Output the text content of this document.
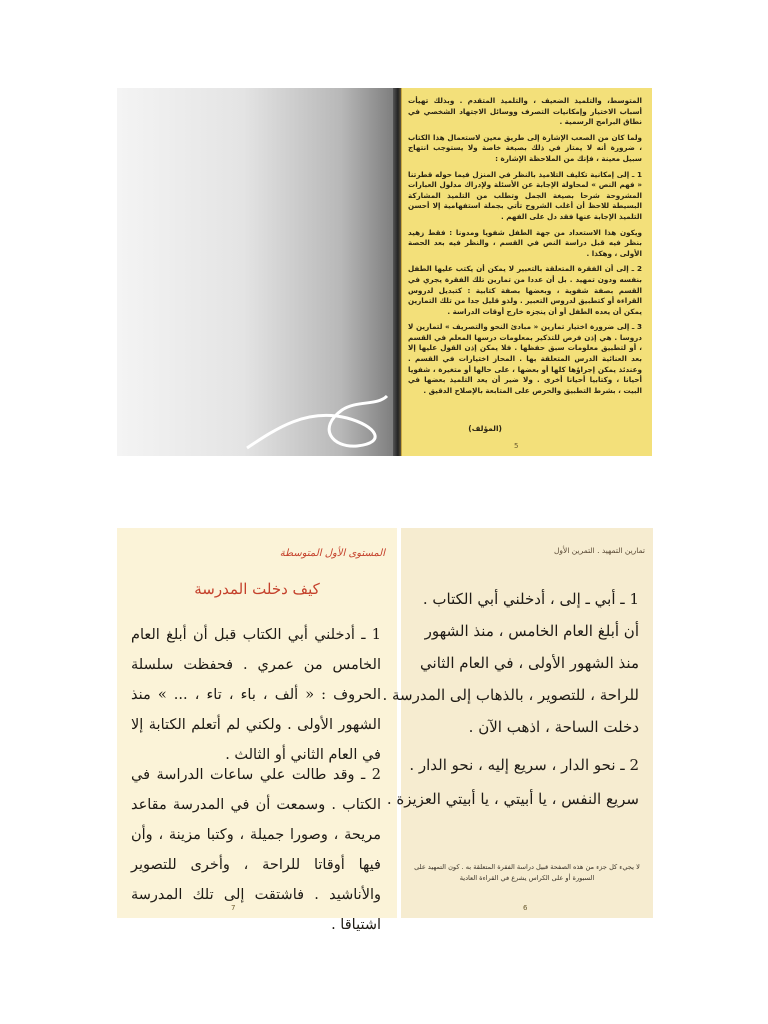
المتوسط، والتلميذ الضعيف ، والتلميذ المتقدم . وبذلك تهيأت أسباب الاختيار وإمكانيات التصرف ووسائل الاجتهاد الشخصي في نطاق البرامج الرسمية .

ولما كان من الصعب الإشارة إلى طريق معين لاستعمال هذا الكتاب ، ضرورة أنه لا يمتاز في ذلك بصبغة خاصة ولا يستوجب انتهاج سبيل معينة ، فإنك من الملاحظة الإشارة :

1 ـ إلى إمكانية تكليف التلاميذ بالنظر في المنزل فيما حوله قطرتنا « فهم النص » لمحاولة الإجابة عن الأسئلة ولإدراك مدلول العبارات المشروحة شرحا بصيغة الجمل وتطلب من التلميذ المشاركة البسيطة للاحظ أن أغلب الشروح تأتي بجملة استفهامية إلا أحسن التلميذ الإجابة عنها فقد دل على الفهم .

ويكون هذا الاستعداد من جهة الطفل شفويا ومدونا : فقط زهيد بنظر فيه قبل دراسة النص في القسم ، والنظر فيه بعد الحصة الأولى ، وهكذا .

2 ـ إلى أن الفقرة المتعلقة بالتعبير لا يمكن أن يكتب عليها الطفل بنفسه ودون تمهيد . بل أن عددا من تمارين تلك الفقرة يجري في القسم بصفة شفوية ، وبعضها بصفة كتابية : كتبديل لدروس القراءة أو كتطبيق لدروس التعبير . ولذو قليل جدا من تلك التمارين يمكن أن يعده الطفل أو أن ينجزه خارج أوقات الدراسة .

3 ـ إلى ضرورة اختيار تمارين « مبادئ النحو والتصريف » لتمارين لا دروسا . هي إذن فرص للتذكير بمعلومات درسها المعلم في القسم ، أو لتطبيق معلومات سبق حفظها . فلا يمكن إذن القول عليها إلا بعد العنائية الدرس المتعلقة بها . المحاز اختيارات في القسم . وعندئذ يمكن إجراؤها كلها أو بعضها ، على حالها أو متغيرة ، شفويا أحيانا ، وكتابيا أحيانا أخرى . ولا ضير أن يعد التلميذ بعضها في البيت ، بشرط التطبيق والحرص على المتابعة بالإصلاح الدقيق .

(المؤلف)
5
المستوى الأول المتوسطة
كيف دخلت المدرسة
1 ـ أدخلني أبي الكتاب قبل أن أبلغ العام الخامس من عمري . فحفظت سلسلة الحروف : « ألف ، باء ، تاء ، ... » منذ الشهور الأولى . ولكني لم أتعلم الكتابة إلا في العام الثاني أو الثالث .
2 ـ وقد طالت علي ساعات الدراسة في الكتاب . وسمعت أن في المدرسة مقاعد مريحة ، وصورا جميلة ، وكتبا مزينة ، وأن فيها أوقاتا للراحة ، وأخرى للتصوير والأناشيد . فاشتقت إلى تلك المدرسة اشتياقا .
7
تمارين التمهيد . التمرين الأول
1 ـ أبي ـ إلى ، أدخلني أبي الكتاب .
أن أبلغ العام الخامس ، منذ الشهور
منذ الشهور الأولى ، في العام الثاني
للراحة ، للتصوير ، بالذهاب إلى المدرسة .
دخلت الساحة ، اذهب الآن .
2 ـ نحو الدار ، سريع إليه ، نحو الدار .
سريع النفس ، يا أبيتي ، يا أبيتي العزيزة .
لا يجيء كل جزء من هذه الصفحة قبيل دراسة الفقرة المتعلقة به . كون التمهيد على السبورة أو على الكراس يشرع في القراءة العادية
6
